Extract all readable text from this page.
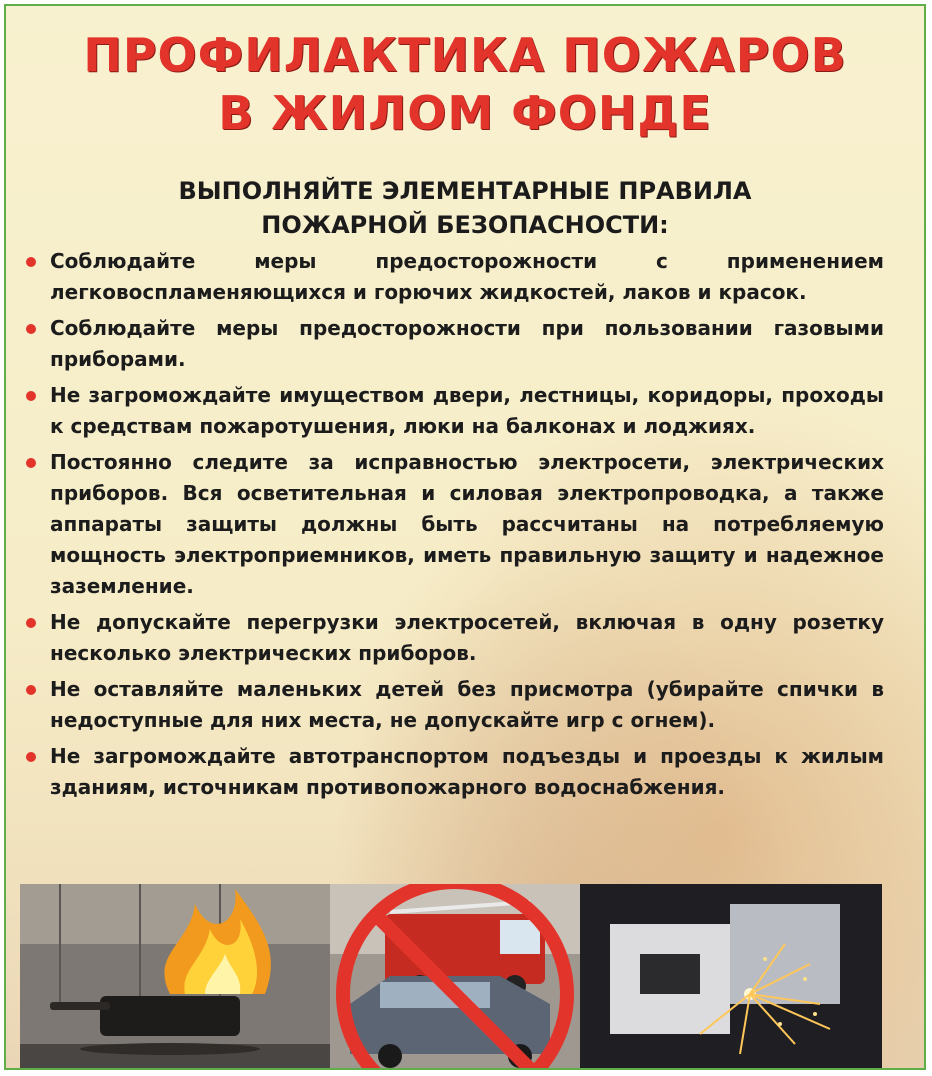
ПРОФИЛАКТИКА ПОЖАРОВ
В ЖИЛОМ ФОНДЕ
ВЫПОЛНЯЙТЕ ЭЛЕМЕНТАРНЫЕ ПРАВИЛА
ПОЖАРНОЙ БЕЗОПАСНОСТИ:
Соблюдайте меры предосторожности с применением легковоспламеняющихся и горючих жидкостей, лаков и красок.
Соблюдайте меры предосторожности при пользовании газовыми приборами.
Не загромождайте имуществом двери, лестницы, коридоры, проходы к средствам пожаротушения, люки на балконах и лоджиях.
Постоянно следите за исправностью электросети, электрических приборов. Вся осветительная и силовая электропроводка, а также аппараты защиты должны быть рассчитаны на потребляемую мощность электроприемников, иметь правильную защиту и надежное заземление.
Не допускайте перегрузки электросетей, включая в одну розетку несколько электрических приборов.
Не оставляйте маленьких детей без присмотра (убирайте спички в недоступные для них места, не допускайте игр с огнем).
Не загромождайте автотранспортом подъезды и проезды к жилым зданиям, источникам противопожарного водоснабжения.
